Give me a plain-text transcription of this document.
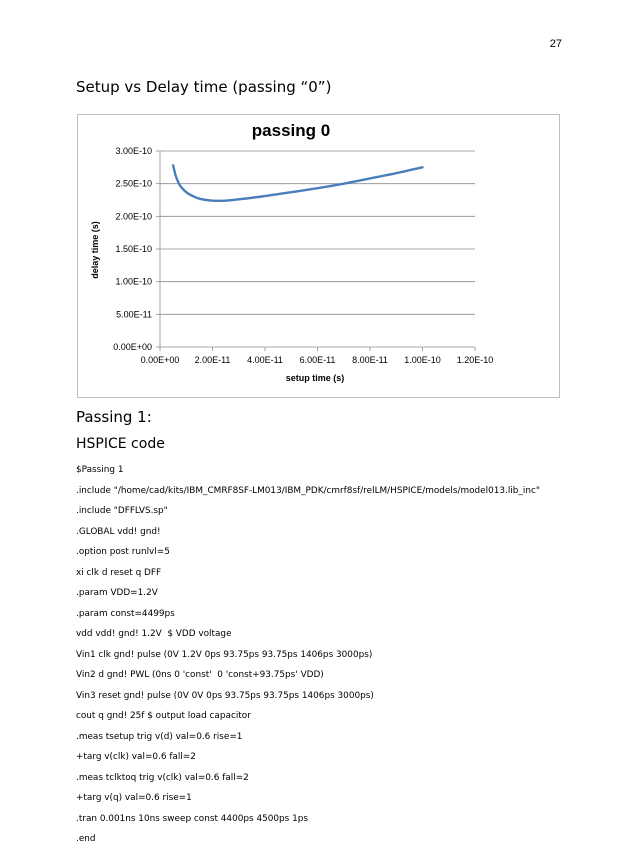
27
Setup vs Delay time (passing “0”)
passing 0
0.00E+00
5.00E-11
1.00E-10
1.50E-10
2.00E-10
2.50E-10
3.00E-10
0.00E+00 2.00E-11 4.00E-11 6.00E-11 8.00E-11 1.00E-10 1.20E-10
setup time (s)
delay time (s)
Passing 1:
HSPICE code
$Passing 1
.include "/home/cad/kits/IBM_CMRF8SF-LM013/IBM_PDK/cmrf8sf/relLM/HSPICE/models/model013.lib_inc"
.include "DFFLVS.sp"
.GLOBAL vdd! gnd!
.option post runlvl=5
xi clk d reset q DFF
.param VDD=1.2V
.param const=4499ps
vdd vdd! gnd! 1.2V  $ VDD voltage
Vin1 clk gnd! pulse (0V 1.2V 0ps 93.75ps 93.75ps 1406ps 3000ps)
Vin2 d gnd! PWL (0ns 0 'const'  0 'const+93.75ps' VDD)
Vin3 reset gnd! pulse (0V 0V 0ps 93.75ps 93.75ps 1406ps 3000ps)
cout q gnd! 25f $ output load capacitor
.meas tsetup trig v(d) val=0.6 rise=1
+targ v(clk) val=0.6 fall=2
.meas tclktoq trig v(clk) val=0.6 fall=2
+targ v(q) val=0.6 rise=1
.tran 0.001ns 10ns sweep const 4400ps 4500ps 1ps
.end
